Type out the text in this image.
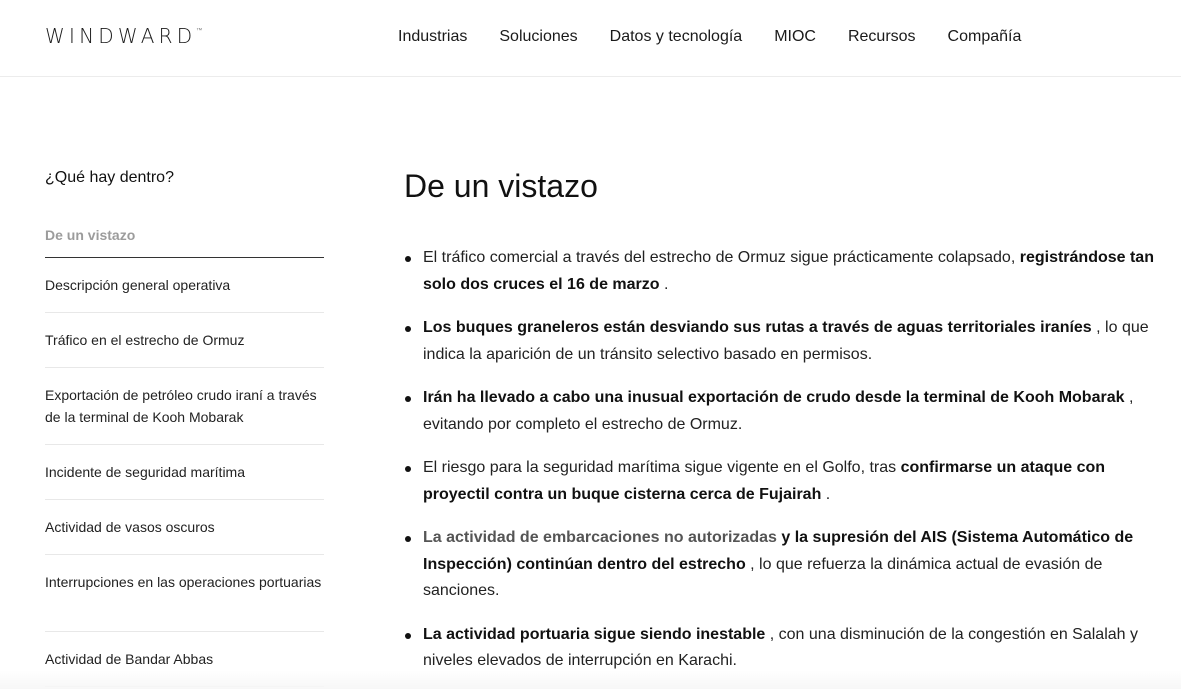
WINDWARD™	Industrias Soluciones Datos y tecnología MIOC Recursos Compañía
¿Qué hay dentro?
De un vistazo
Descripción general operativa
Tráfico en el estrecho de Ormuz
Exportación de petróleo crudo iraní a través de la terminal de Kooh Mobarak
Incidente de seguridad marítima
Actividad de vasos oscuros
Interrupciones en las operaciones portuarias
Actividad de Bandar Abbas
De un vistazo
El tráfico comercial a través del estrecho de Ormuz sigue prácticamente colapsado, registrándose tan solo dos cruces el 16 de marzo .
Los buques graneleros están desviando sus rutas a través de aguas territoriales iraníes , lo que indica la aparición de un tránsito selectivo basado en permisos.
Irán ha llevado a cabo una inusual exportación de crudo desde la terminal de Kooh Mobarak , evitando por completo el estrecho de Ormuz.
El riesgo para la seguridad marítima sigue vigente en el Golfo, tras confirmarse un ataque con proyectil contra un buque cisterna cerca de Fujairah .
La actividad de embarcaciones no autorizadas y la supresión del AIS (Sistema Automático de Inspección) continúan dentro del estrecho , lo que refuerza la dinámica actual de evasión de sanciones.
La actividad portuaria sigue siendo inestable , con una disminución de la congestión en Salalah y niveles elevados de interrupción en Karachi.
